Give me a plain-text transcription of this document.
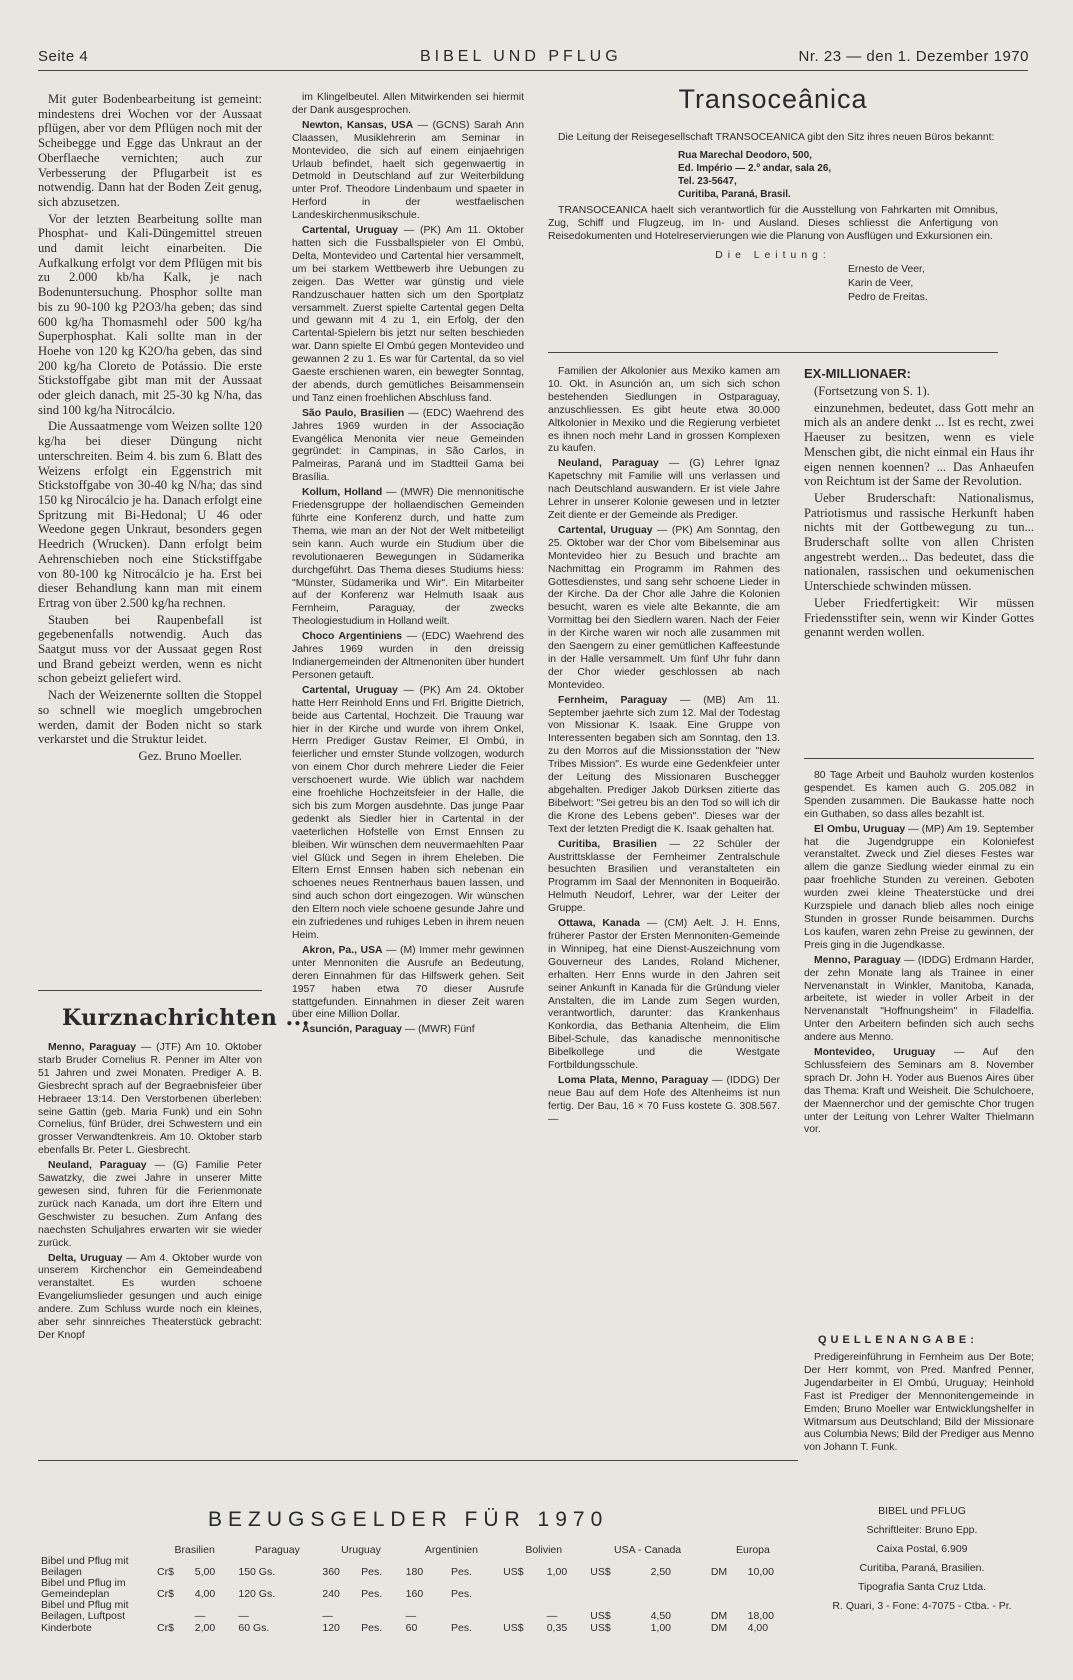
Seite 4	BIBEL UND PFLUG	Nr. 23 — den 1. Dezember 1970

Mit guter Bodenbearbeitung ist gemeint: mindestens drei Wochen vor der Aussaat pflügen, aber vor dem Pflügen noch mit der Scheibegge und Egge das Unkraut an der Oberflaeche vernichten; auch zur Verbesserung der Pflugarbeit ist es notwendig. Dann hat der Boden Zeit genug, sich abzusetzen.

Vor der letzten Bearbeitung sollte man Phosphat- und Kali-Düngemittel streuen und damit leicht einarbeiten. Die Aufkalkung erfolgt vor dem Pflügen mit bis zu 2.000 kb/ha Kalk, je nach Bodenuntersuchung. Phosphor sollte man bis zu 90-100 kg P2O3/ha geben; das sind 600 kg/ha Thomasmehl oder 500 kg/ha Superphosphat. Kali sollte man in der Hoehe von 120 kg K2O/ha geben, das sind 200 kg/ha Cloreto de Potássio. Die erste Stickstoffgabe gibt man mit der Aussaat oder gleich danach, mit 25-30 kg N/ha, das sind 100 kg/ha Nitrocálcio.

Die Aussaatmenge vom Weizen sollte 120 kg/ha bei dieser Düngung nicht unterschreiten. Beim 4. bis zum 6. Blatt des Weizens erfolgt ein Eggenstrich mit Stickstoffgabe von 30-40 kg N/ha; das sind 150 kg Nirocálcio je ha. Danach erfolgt eine Spritzung mit Bi-Hedonal; U 46 oder Weedone gegen Unkraut, besonders gegen Heedrich (Wrucken). Dann erfolgt beim Aehrenschieben noch eine Stickstiffgabe von 80-100 kg Nitrocálcio je ha. Erst bei dieser Behandlung kann man mit einem Ertrag von über 2.500 kg/ha rechnen.

Stauben bei Raupenbefall ist gegebenenfalls notwendig. Auch das Saatgut muss vor der Aussaat gegen Rost und Brand gebeizt werden, wenn es nicht schon gebeizt geliefert wird.

Nach der Weizenernte sollten die Stoppel so schnell wie moeglich umgebrochen werden, damit der Boden nicht so stark verkarstet und die Struktur leidet.

Gez. Bruno Moeller.

Kurznachrichten ...

Menno, Paraguay — (JTF) Am 10. Oktober starb Bruder Cornelius R. Penner im Alter von 51 Jahren und zwei Monaten. Prediger A. B. Giesbrecht sprach auf der Begraebnisfeier über Hebraeer 13:14. Den Verstorbenen überleben: seine Gattin (geb. Maria Funk) und ein Sohn Cornelius, fünf Brüder, drei Schwestern und ein grosser Verwandtenkreis. Am 10. Oktober starb ebenfalls Br. Peter L. Giesbrecht.

Neuland, Paraguay — (G) Familie Peter Sawatzky, die zwei Jahre in unserer Mitte gewesen sind, fuhren für die Ferienmonate zurück nach Kanada, um dort ihre Eltern und Geschwister zu besuchen. Zum Anfang des naechsten Schuljahres erwarten wir sie wieder zurück.

Delta, Uruguay — Am 4. Oktober wurde von unserem Kirchenchor ein Gemeindeabend veranstaltet. Es wurden schoene Evangeliumslieder gesungen und auch einige andere. Zum Schluss wurde noch ein kleines, aber sehr sinnreiches Theaterstück gebracht: Der Knopf

im Klingelbeutel. Allen Mitwirkenden sei hiermit der Dank ausgesprochen.

Newton, Kansas, USA — (GCNS) Sarah Ann Claassen, Musiklehrerin am Seminar in Montevideo, die sich auf einem einjaehrigen Urlaub befindet, haelt sich gegenwaertig in Detmold in Deutschland auf zur Weiterbildung unter Prof. Theodore Lindenbaum und spaeter in Herford in der westfaelischen Landeskirchenmusikschule.

Cartental, Uruguay — (PK) Am 11. Oktober hatten sich die Fussballspieler von El Ombú, Delta, Montevideo und Cartental hier versammelt, um bei starkem Wettbewerb ihre Uebungen zu zeigen. Das Wetter war günstig und viele Randzuschauer hatten sich um den Sportplatz versammelt. Zuerst spielte Cartental gegen Delta und gewann mit 4 zu 1, ein Erfolg, der den Cartental-Spielern bis jetzt nur selten beschieden war. Dann spielte El Ombú gegen Montevideo und gewannen 2 zu 1. Es war für Cartental, da so viel Gaeste erschienen waren, ein bewegter Sonntag, der abends, durch gemütliches Beisammensein und Tanz einen froehlichen Abschluss fand.

São Paulo, Brasilien — (EDC) Waehrend des Jahres 1969 wurden in der Associação Evangélica Menonita vier neue Gemeinden gegründet: in Campinas, in São Carlos, in Palmeiras, Paraná und im Stadtteil Gama bei Brasília.

Kollum, Holland — (MWR) Die mennonitische Friedensgruppe der hollaendischen Gemeinden führte eine Konferenz durch, und hatte zum Thema, wie man an der Not der Welt mitbeteiligt sein kann. Auch wurde ein Studium über die revolutionaeren Bewegungen in Südamerika durchgeführt. Das Thema dieses Studiums hiess: "Münster, Südamerika und Wir". Ein Mitarbeiter auf der Konferenz war Helmuth Isaak aus Fernheim, Paraguay, der zwecks Theologiestudium in Holland weilt.

Choco Argentiniens — (EDC) Waehrend des Jahres 1969 wurden in den dreissig Indianergemeinden der Altmenoniten über hundert Personen getauft.

Cartental, Uruguay — (PK) Am 24. Oktober hatte Herr Reinhold Enns und Frl. Brigitte Dietrich, beide aus Cartental, Hochzeit. Die Trauung war hier in der Kirche und wurde von ihrem Onkel, Herrn Prediger Gustav Reimer, El Ombú, in feierlicher und ernster Stunde vollzogen, wodurch von einem Chor durch mehrere Lieder die Feier verschoenert wurde. Wie üblich war nachdem eine froehliche Hochzeitsfeier in der Halle, die sich bis zum Morgen ausdehnte. Das junge Paar gedenkt als Siedler hier in Cartental in der vaeterlichen Hofstelle von Ernst Ennsen zu bleiben. Wir wünschen dem neuvermaehlten Paar viel Glück und Segen in ihrem Eheleben. Die Eltern Ernst Ennsen haben sich nebenan ein schoenes neues Rentnerhaus bauen lassen, und sind auch schon dort eingezogen. Wir wünschen den Eltern noch viele schoene gesunde Jahre und ein zufriedenes und ruhiges Leben in ihrem neuen Heim.

Akron, Pa., USA — (M) Immer mehr gewinnen unter Mennoniten die Ausrufe an Bedeutung, deren Einnahmen für das Hilfswerk gehen. Seit 1957 haben etwa 70 dieser Ausrufe stattgefunden. Einnahmen in dieser Zeit waren über eine Million Dollar.

Asunción, Paraguay — (MWR) Fünf

Transoceânica

Die Leitung der Reisegesellschaft TRANSOCEANICA gibt den Sitz ihres neuen Büros bekannt:

Rua Marechal Deodoro, 500,
Ed. Império — 2.º andar, sala 26,
Tel. 23-5647,
Curitiba, Paraná, Brasil.

TRANSOCEANICA haelt sich verantwortlich für die Ausstellung von Fahrkarten mit Omnibus, Zug, Schiff und Flugzeug, im In- und Ausland. Dieses schliesst die Anfertigung von Reisedokumenten und Hotelreservierungen wie die Planung von Ausflügen und Exkursionen ein.

Die Leitung:
Ernesto de Veer,
Karin de Veer,
Pedro de Freitas.

Familien der Alkolonier aus Mexiko kamen am 10. Okt. in Asunción an, um sich sich schon bestehenden Siedlungen in Ostparaguay, anzuschliessen. Es gibt heute etwa 30.000 Altkolonier in Mexiko und die Regierung verbietet es ihnen noch mehr Land in grossen Komplexen zu kaufen.

Neuland, Paraguay — (G) Lehrer Ignaz Kapetschny mit Familie will uns verlassen und nach Deutschland auswandern. Er ist viele Jahre Lehrer in unserer Kolonie gewesen und in letzter Zeit diente er der Gemeinde als Prediger.

Cartental, Uruguay — (PK) Am Sonntag, den 25. Oktober war der Chor vom Bibelseminar aus Montevideo hier zu Besuch und brachte am Nachmittag ein Programm im Rahmen des Gottesdienstes, und sang sehr schoene Lieder in der Kirche. Da der Chor alle Jahre die Kolonien besucht, waren es viele alte Bekannte, die am Vormittag bei den Siedlern waren. Nach der Feier in der Kirche waren wir noch alle zusammen mit den Saengern zu einer gemütlichen Kaffeestunde in der Halle versammelt. Um fünf Uhr fuhr dann der Chor wieder geschlossen ab nach Montevideo.

Fernheim, Paraguay — (MB) Am 11. September jaehrte sich zum 12. Mal der Todestag von Missionar K. Isaak. Eine Gruppe von Interessenten begaben sich am Sonntag, den 13. zu den Morros auf die Missionsstation der "New Tribes Mission". Es wurde eine Gedenkfeier unter der Leitung des Missionaren Buschegger abgehalten. Prediger Jakob Dürksen zitierte das Bibelwort: "Sei getreu bis an den Tod so will ich dir die Krone des Lebens geben". Dieses war der Text der letzten Predigt die K. Isaak gehalten hat.

Curitiba, Brasilien — 22 Schüler der Austrittsklasse der Fernheimer Zentralschule besuchten Brasilien und veranstalteten ein Programm im Saal der Mennoniten in Boqueirão. Helmuth Neudorf, Lehrer, war der Leiter der Gruppe.

Ottawa, Kanada — (CM) Aelt. J. H. Enns, früherer Pastor der Ersten Mennoniten-Gemeinde in Winnipeg, hat eine Dienst-Auszeichnung vom Gouverneur des Landes, Roland Michener, erhalten. Herr Enns wurde in den Jahren seit seiner Ankunft in Kanada für die Gründung vieler Anstalten, die im Lande zum Segen wurden, verantwortlich, darunter: das Krankenhaus Konkordia, das Bethania Altenheim, die Elim Bibel-Schule, das kanadische mennonitische Bibelkollege und die Westgate Fortbildungsschule.

Loma Plata, Menno, Paraguay — (IDDG) Der neue Bau auf dem Hofe des Altenheims ist nun fertig. Der Bau, 16 × 70 Fuss kostete G. 308.567. —

EX-MILLIONAER:

(Fortsetzung von S. 1).

einzunehmen, bedeutet, dass Gott mehr an mich als an andere denkt ... Ist es recht, zwei Haeuser zu besitzen, wenn es viele Menschen gibt, die nicht einmal ein Haus ihr eigen nennen koennen? ... Das Anhaeufen von Reichtum ist der Same der Revolution.

Ueber Bruderschaft: Nationalismus, Patriotismus und rassische Herkunft haben nichts mit der Gottbewegung zu tun... Bruderschaft sollte von allen Christen angestrebt werden... Das bedeutet, dass die nationalen, rassischen und oekumenischen Unterschiede schwinden müssen.

Ueber Friedfertigkeit: Wir müssen Friedensstifter sein, wenn wir Kinder Gottes genannt werden wollen.

80 Tage Arbeit und Bauholz wurden kostenlos gespendet. Es kamen auch G. 205.082 in Spenden zusammen. Die Baukasse hatte noch ein Guthaben, so dass alles bezahlt ist.

El Ombu, Uruguay — (MP) Am 19. September hat die Jugendgruppe ein Koloniefest veranstaltet. Zweck und Ziel dieses Festes war allem die ganze Siedlung wieder einmal zu ein paar froehliche Stunden zu vereinen. Geboten wurden zwei kleine Theaterstücke und drei Kurzspiele und danach blieb alles noch einige Stunden in grosser Runde beisammen. Durchs Los kaufen, waren zehn Preise zu gewinnen, der Preis ging in die Jugendkasse.

Menno, Paraguay — (IDDG) Erdmann Harder, der zehn Monate lang als Trainee in einer Nervenanstalt in Winkler, Manitoba, Kanada, arbeitete, ist wieder in voller Arbeit in der Nervenanstalt "Hoffnungsheim" in Filadelfia. Unter den Arbeitern befinden sich auch sechs andere aus Menno.

Montevideo, Uruguay — Auf den Schlussfeiern des Seminars am 8. November sprach Dr. John H. Yoder aus Buenos Aires über das Thema: Kraft und Weisheit. Die Schulchoere, der Maennerchor und der gemischte Chor trugen unter der Leitung von Lehrer Walter Thielmann vor.

QUELLENANGABE:

Predigereinführung in Fernheim aus Der Bote; Der Herr kommt, von Pred. Manfred Penner, Jugendarbeiter in El Ombú, Uruguay; Heinhold Fast ist Prediger der Mennonitengemeinde in Emden; Bruno Moeller war Entwicklungshelfer in Witmarsum aus Deutschland; Bild der Missionare aus Columbia News; Bild der Prediger aus Menno von Johann T. Funk.

BEZUGSGELDER FÜR 1970
	Brasilien		Paraguay	Uruguay		Argentinien		Bolivien		USA - Canada		Europa	
Bibel und Pflug mit Beilagen	Cr$	5,00	150 Gs.	360	Pes.	180	Pes.	US$	1,00	US$	2,50	DM	10,00
Bibel und Pflug im Gemeindeplan	Cr$	4,00	120 Gs.	240	Pes.	160	Pes.						
Bibel und Pflug mit Beilagen, Luftpost		—	—	—		—			—	US$	4,50	DM	18,00
Kinderbote	Cr$	2,00	60 Gs.	120	Pes.	60	Pes.	US$	0,35	US$	1,00	DM	4,00
BIBEL und PFLUG
Schriftleiter: Bruno Epp.
Caixa Postal, 6.909
Curitiba, Paraná, Brasilien.
Tipografia Santa Cruz Ltda.
R. Quari, 3 - Fone: 4-7075 - Ctba. - Pr.
